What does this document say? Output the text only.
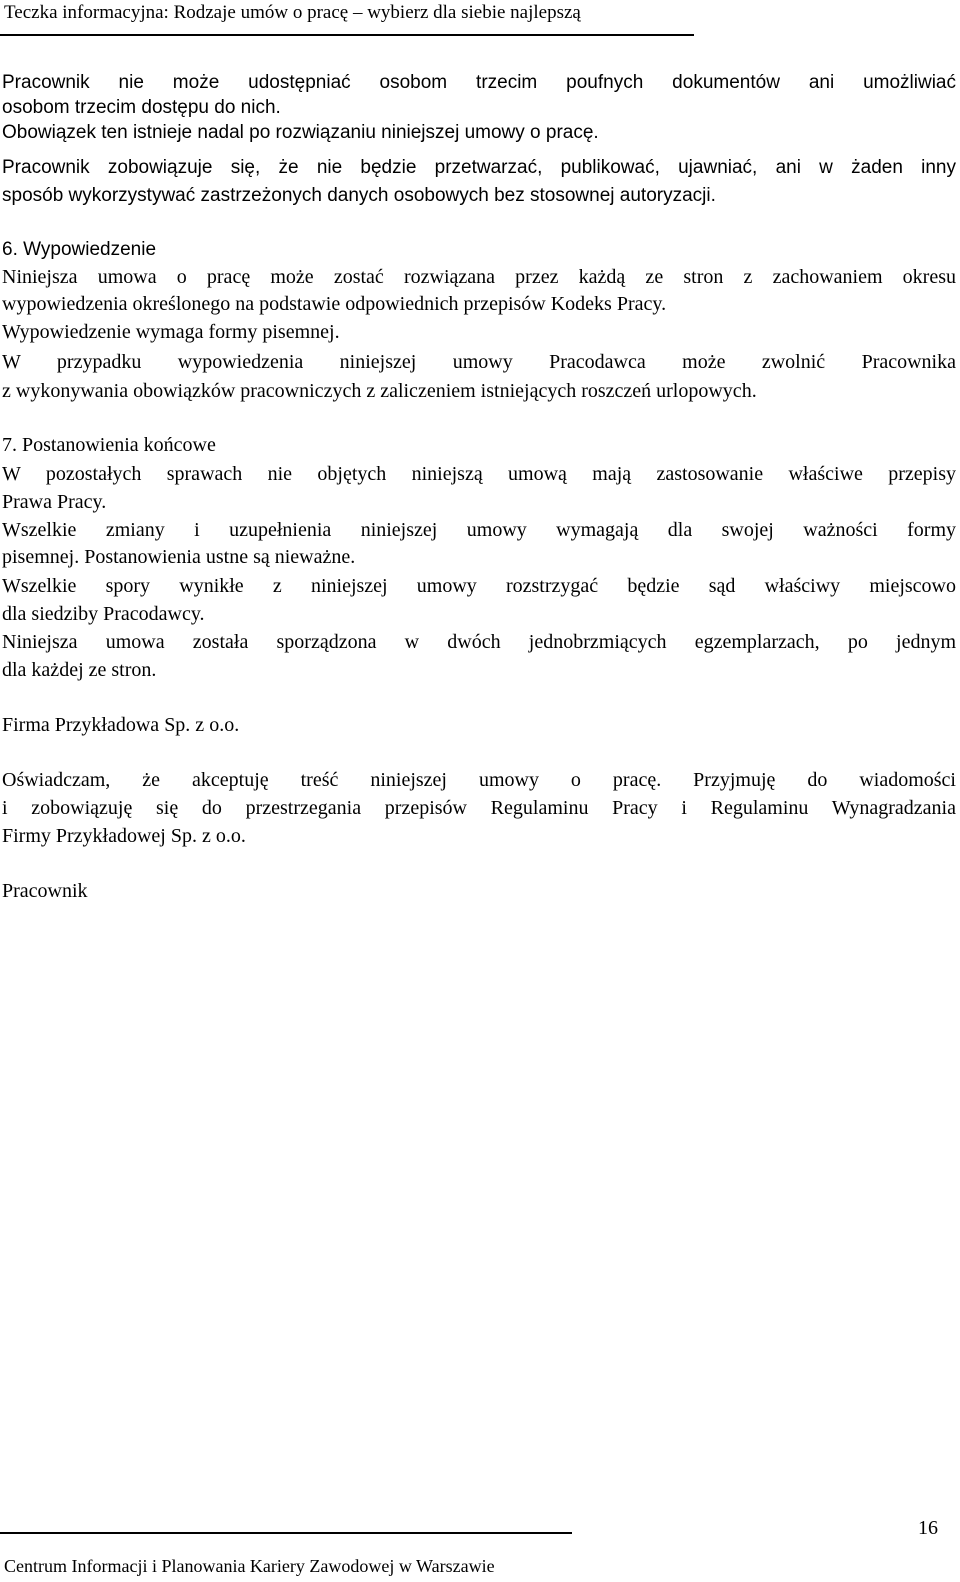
Teczka informacyjna: Rodzaje umów o pracę – wybierz dla siebie najlepszą
Pracownik nie może udostępniać osobom trzecim poufnych dokumentów ani umożliwiać
osobom trzecim dostępu do nich.
Obowiązek ten istnieje nadal po rozwiązaniu niniejszej umowy o pracę.
Pracownik zobowiązuje się, że nie będzie przetwarzać, publikować, ujawniać, ani w żaden inny
sposób wykorzystywać zastrzeżonych danych osobowych bez stosownej autoryzacji.
6. Wypowiedzenie
Niniejsza umowa o pracę może zostać rozwiązana przez każdą ze stron z zachowaniem okresu
wypowiedzenia określonego na podstawie odpowiednich przepisów Kodeks Pracy.
Wypowiedzenie wymaga formy pisemnej.
W przypadku wypowiedzenia niniejszej umowy Pracodawca może zwolnić Pracownika
z wykonywania obowiązków pracowniczych z zaliczeniem istniejących roszczeń urlopowych.
7. Postanowienia końcowe
W pozostałych sprawach nie objętych niniejszą umową mają zastosowanie właściwe przepisy
Prawa Pracy.
Wszelkie zmiany i uzupełnienia niniejszej umowy wymagają dla swojej ważności formy
pisemnej. Postanowienia ustne są nieważne.
Wszelkie spory wynikłe z niniejszej umowy rozstrzygać będzie sąd właściwy miejscowo
dla siedziby Pracodawcy.
Niniejsza umowa została sporządzona w dwóch jednobrzmiących egzemplarzach, po jednym
dla każdej ze stron.
Firma Przykładowa Sp. z o.o.
Oświadczam, że akceptuję treść niniejszej umowy o pracę. Przyjmuję do wiadomości
i zobowiązuję się do przestrzegania przepisów Regulaminu Pracy i Regulaminu Wynagradzania
Firmy Przykładowej Sp. z o.o.
Pracownik
Centrum Informacji i Planowania Kariery Zawodowej w Warszawie
16
